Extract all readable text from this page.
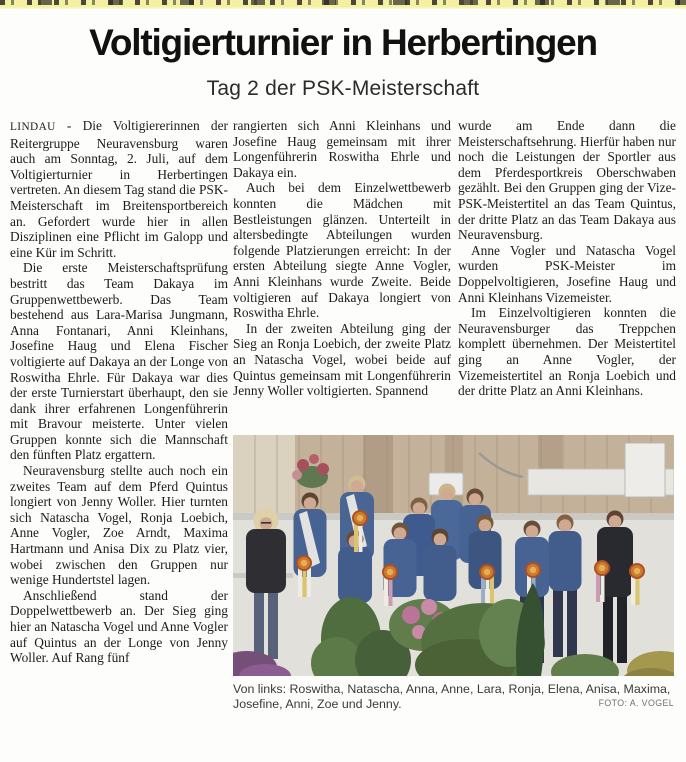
Voltigierturnier in Herbertingen
Tag 2 der PSK-Meisterschaft

LINDAU - Die Voltigiererinnen der Reitergruppe Neuravensburg waren auch am Sonntag, 2. Juli, auf dem Voltigierturnier in Herbertingen vertreten. An diesem Tag stand die PSK-Meisterschaft im Breitensportbereich an. Gefordert wurde hier in allen Disziplinen eine Pflicht im Galopp und eine Kür im Schritt.

Die erste Meisterschaftsprüfung bestritt das Team Dakaya im Gruppenwettbewerb. Das Team bestehend aus Lara-Marisa Jungmann, Anna Fontanari, Anni Kleinhans, Josefine Haug und Elena Fischer voltigierte auf Dakaya an der Longe von Roswitha Ehrle. Für Dakaya war dies der erste Turnierstart überhaupt, den sie dank ihrer erfahrenen Longenführerin mit Bravour meisterte. Unter vielen Gruppen konnte sich die Mannschaft den fünften Platz ergattern.

Neuravensburg stellte auch noch ein zweites Team auf dem Pferd Quintus longiert von Jenny Woller. Hier turnten sich Natascha Vogel, Ronja Loebich, Anne Vogler, Zoe Arndt, Maxima Hartmann und Anisa Dix zu Platz vier, wobei zwischen den Gruppen nur wenige Hundertstel lagen.

Anschließend stand der Doppelwettbewerb an. Der Sieg ging hier an Natascha Vogel und Anne Vogler auf Quintus an der Longe von Jenny Woller. Auf Rang fünf

rangierten sich Anni Kleinhans und Josefine Haug gemeinsam mit ihrer Longenführerin Roswitha Ehrle und Dakaya ein.

Auch bei dem Einzelwettbewerb konnten die Mädchen mit Bestleistungen glänzen. Unterteilt in altersbedingte Abteilungen wurden folgende Platzierungen erreicht: In der ersten Abteilung siegte Anne Vogler, Anni Kleinhans wurde Zweite. Beide voltigieren auf Dakaya longiert von Roswitha Ehrle.

In der zweiten Abteilung ging der Sieg an Ronja Loebich, der zweite Platz an Natascha Vogel, wobei beide auf Quintus gemeinsam mit Longenführerin Jenny Woller voltigierten. Spannend

wurde am Ende dann die Meisterschaftsehrung. Hierfür haben nur noch die Leistungen der Sportler aus dem Pferdesportkreis Oberschwaben gezählt. Bei den Gruppen ging der Vize-PSK-Meistertitel an das Team Quintus, der dritte Platz an das Team Dakaya aus Neuravensburg.

Anne Vogler und Natascha Vogel wurden PSK-Meister im Doppelvoltigieren, Josefine Haug und Anni Kleinhans Vizemeister.

Im Einzelvoltigieren konnten die Neuravensburger das Treppchen komplett übernehmen. Der Meistertitel ging an Anne Vogler, der Vizemeistertitel an Ronja Loebich und der dritte Platz an Anni Kleinhans.

Von links: Roswitha, Natascha, Anna, Anne, Lara, Ronja, Elena, Anisa, Maxima, Josefine, Anni, Zoe und Jenny.	FOTO: A. VOGEL
